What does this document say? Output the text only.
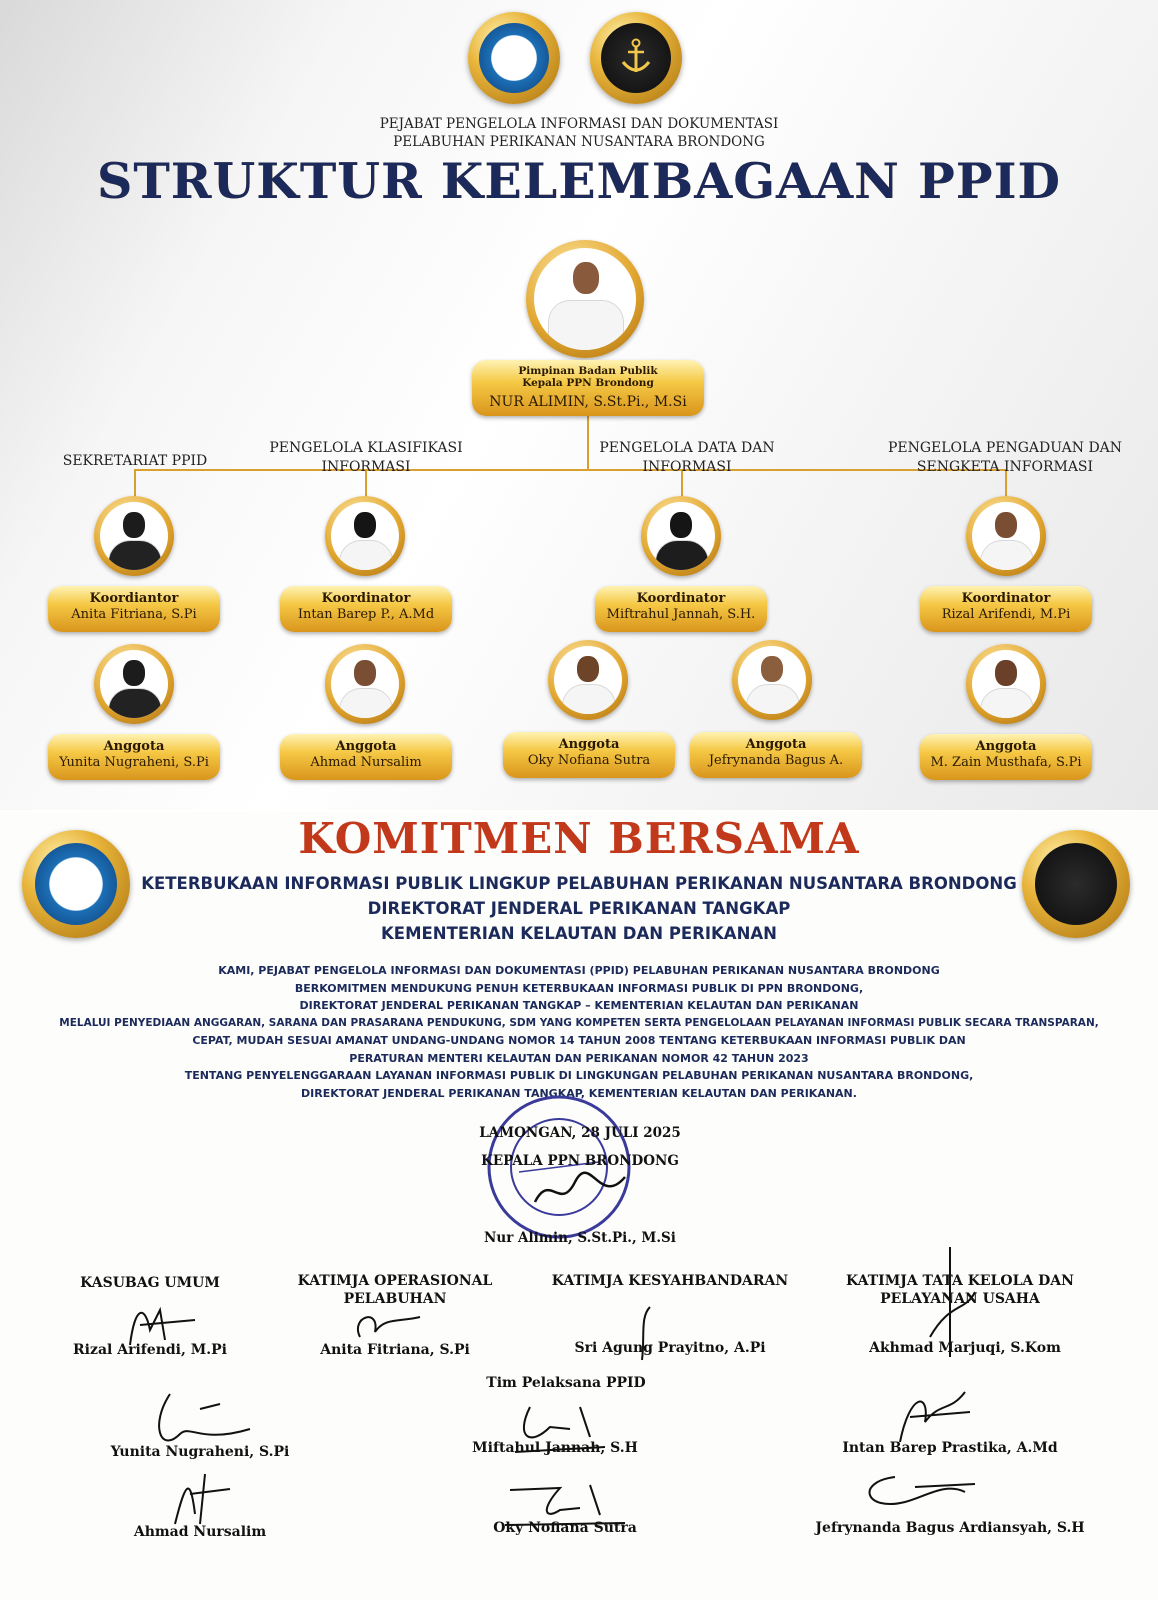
PEJABAT PENGELOLA INFORMASI DAN DOKUMENTASI
PELABUHAN PERIKANAN NUSANTARA BRONDONG
STRUKTUR KELEMBAGAAN PPID
Pimpinan Badan Publik
Kepala PPN Brondong
NUR ALIMIN, S.St.Pi., M.Si
SEKRETARIAT PPID
PENGELOLA KLASIFIKASI
INFORMASI
PENGELOLA DATA DAN
INFORMASI
PENGELOLA PENGADUAN DAN
SENGKETA INFORMASI
Koordiantor
Anita Fitriana, S.Pi
Koordinator
Intan Barep P., A.Md
Koordinator
Miftrahul Jannah, S.H.
Koordinator
Rizal Arifendi, M.Pi
Anggota
Yunita Nugraheni, S.Pi
Anggota
Ahmad Nursalim
Anggota
Oky Nofiana Sutra
Anggota
Jefrynanda Bagus A.
Anggota
M. Zain Musthafa, S.Pi
KOMITMEN BERSAMA
KETERBUKAAN INFORMASI PUBLIK LINGKUP PELABUHAN PERIKANAN NUSANTARA BRONDONG
DIREKTORAT JENDERAL PERIKANAN TANGKAP
KEMENTERIAN KELAUTAN DAN PERIKANAN
KAMI, PEJABAT PENGELOLA INFORMASI DAN DOKUMENTASI (PPID) PELABUHAN PERIKANAN NUSANTARA BRONDONG
BERKOMITMEN MENDUKUNG PENUH KETERBUKAAN INFORMASI PUBLIK DI PPN BRONDONG,
DIREKTORAT JENDERAL PERIKANAN TANGKAP – KEMENTERIAN KELAUTAN DAN PERIKANAN
MELALUI PENYEDIAAN ANGGARAN, SARANA DAN PRASARANA PENDUKUNG, SDM YANG KOMPETEN SERTA PENGELOLAAN PELAYANAN INFORMASI PUBLIK SECARA TRANSPARAN,
CEPAT, MUDAH SESUAI AMANAT UNDANG-UNDANG NOMOR 14 TAHUN 2008 TENTANG KETERBUKAAN INFORMASI PUBLIK DAN
PERATURAN MENTERI KELAUTAN DAN PERIKANAN NOMOR 42 TAHUN 2023
TENTANG PENYELENGGARAAN LAYANAN INFORMASI PUBLIK DI LINGKUNGAN PELABUHAN PERIKANAN NUSANTARA BRONDONG,
DIREKTORAT JENDERAL PERIKANAN TANGKAP, KEMENTERIAN KELAUTAN DAN PERIKANAN.
LAMONGAN, 28 JULI 2025
KEPALA PPN BRONDONG
Nur Alimin, S.St.Pi., M.Si
KASUBAG UMUM	KATIMJA OPERASIONAL
PELABUHAN
KATIMJA KESYAHBANDARAN	KATIMJA TATA KELOLA DAN
PELAYANAN USAHA
Rizal Arifendi, M.Pi	Anita Fitriana, S.Pi	Sri Agung Prayitno, A.Pi	Akhmad Marjuqi, S.Kom
Tim Pelaksana PPID
Yunita Nugraheni, S.Pi	Miftahul Jannah, S.H	Intan Barep Prastika, A.Md
Ahmad Nursalim	Oky Nofiana Sutra	Jefrynanda Bagus Ardiansyah, S.H
